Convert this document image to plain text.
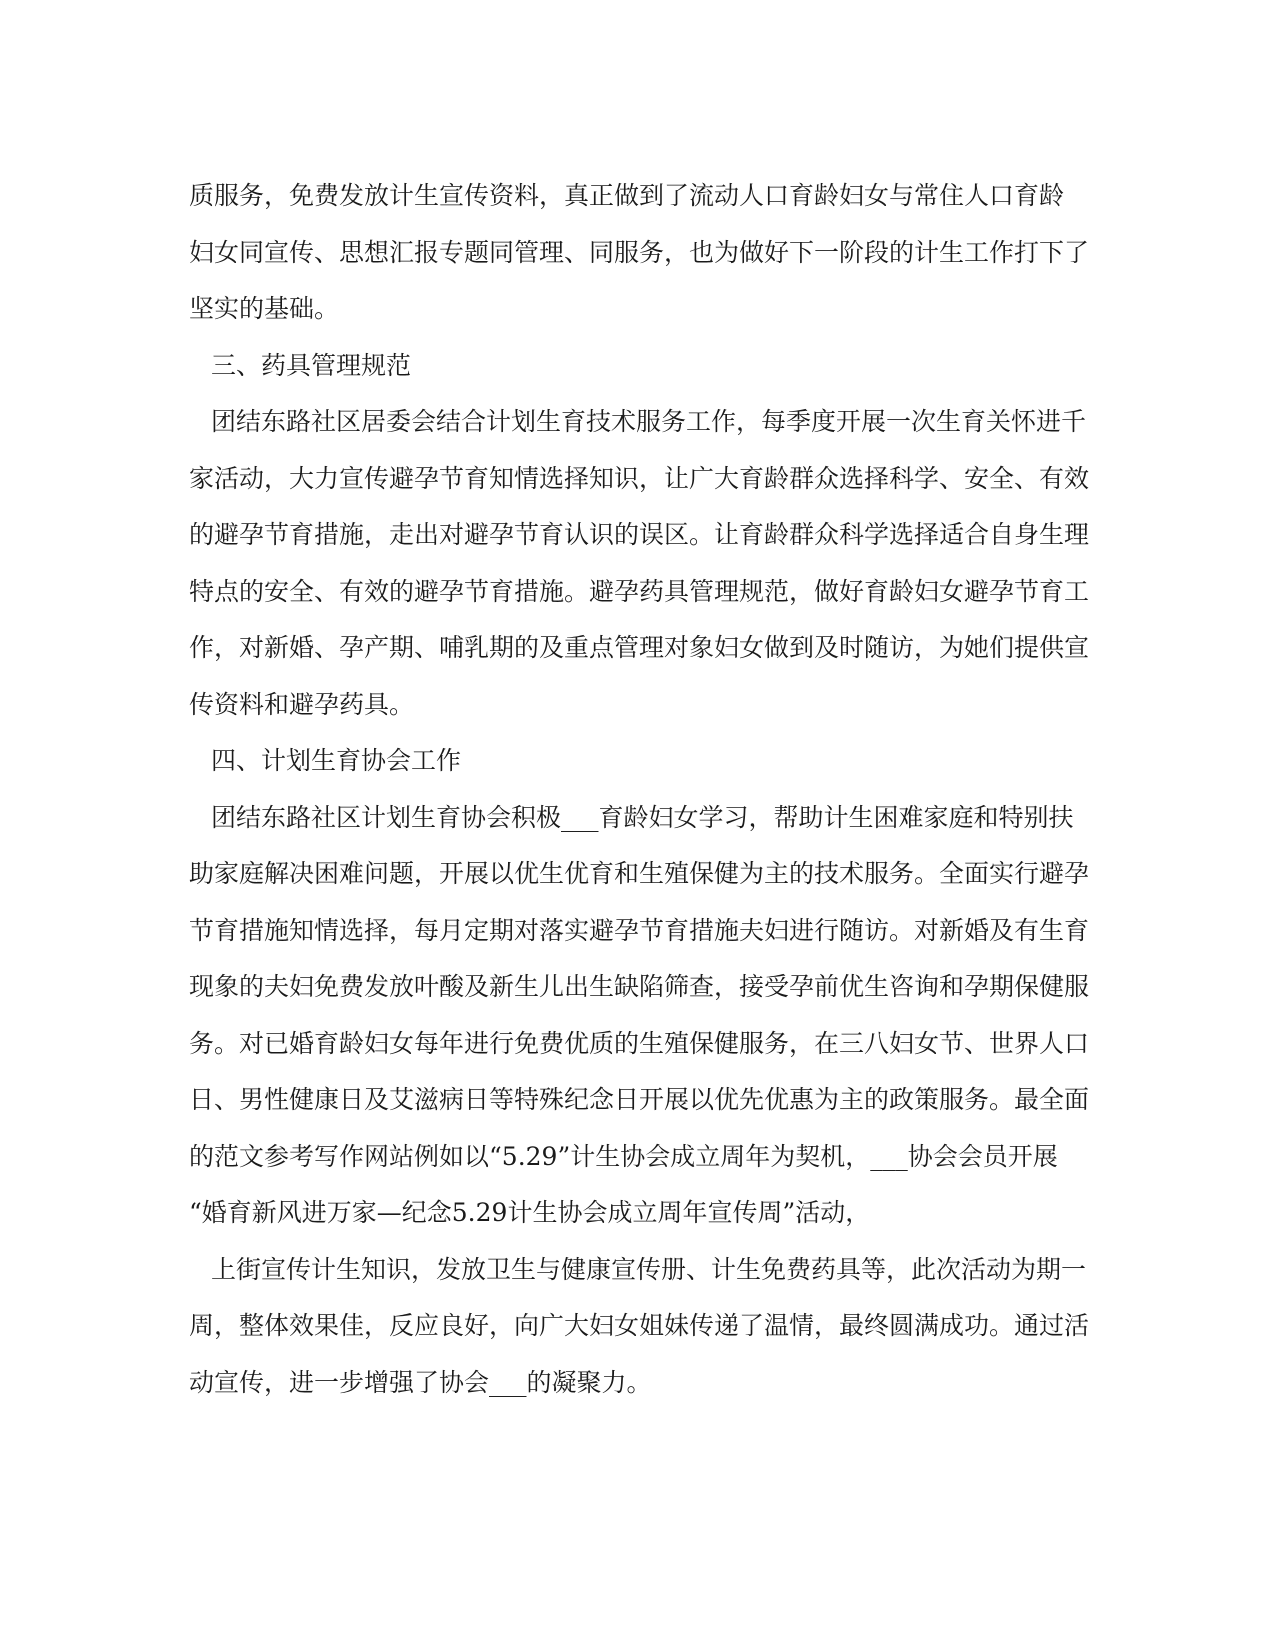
质服务，免费发放计生宣传资料，真正做到了流动人口育龄妇女与常住人口育龄
妇女同宣传、思想汇报专题同管理、同服务，也为做好下一阶段的计生工作打下了
坚实的基础。
三、药具管理规范
团结东路社区居委会结合计划生育技术服务工作，每季度开展一次生育关怀进千
家活动，大力宣传避孕节育知情选择知识，让广大育龄群众选择科学、安全、有效
的避孕节育措施，走出对避孕节育认识的误区。让育龄群众科学选择适合自身生理
特点的安全、有效的避孕节育措施。避孕药具管理规范，做好育龄妇女避孕节育工
作，对新婚、孕产期、哺乳期的及重点管理对象妇女做到及时随访，为她们提供宣
传资料和避孕药具。
四、计划生育协会工作
团结东路社区计划生育协会积极___育龄妇女学习，帮助计生困难家庭和特别扶
助家庭解决困难问题，开展以优生优育和生殖保健为主的技术服务。全面实行避孕
节育措施知情选择，每月定期对落实避孕节育措施夫妇进行随访。对新婚及有生育
现象的夫妇免费发放叶酸及新生儿出生缺陷筛查，接受孕前优生咨询和孕期保健服
务。对已婚育龄妇女每年进行免费优质的生殖保健服务，在三八妇女节、世界人口
日、男性健康日及艾滋病日等特殊纪念日开展以优先优惠为主的政策服务。最全面
的范文参考写作网站例如以“5.29”计生协会成立周年为契机，___协会会员开展
“婚育新风进万家—纪念5.29计生协会成立周年宣传周”活动，
上街宣传计生知识，发放卫生与健康宣传册、计生免费药具等，此次活动为期一
周，整体效果佳，反应良好，向广大妇女姐妹传递了温情，最终圆满成功。通过活
动宣传，进一步增强了协会___的凝聚力。
